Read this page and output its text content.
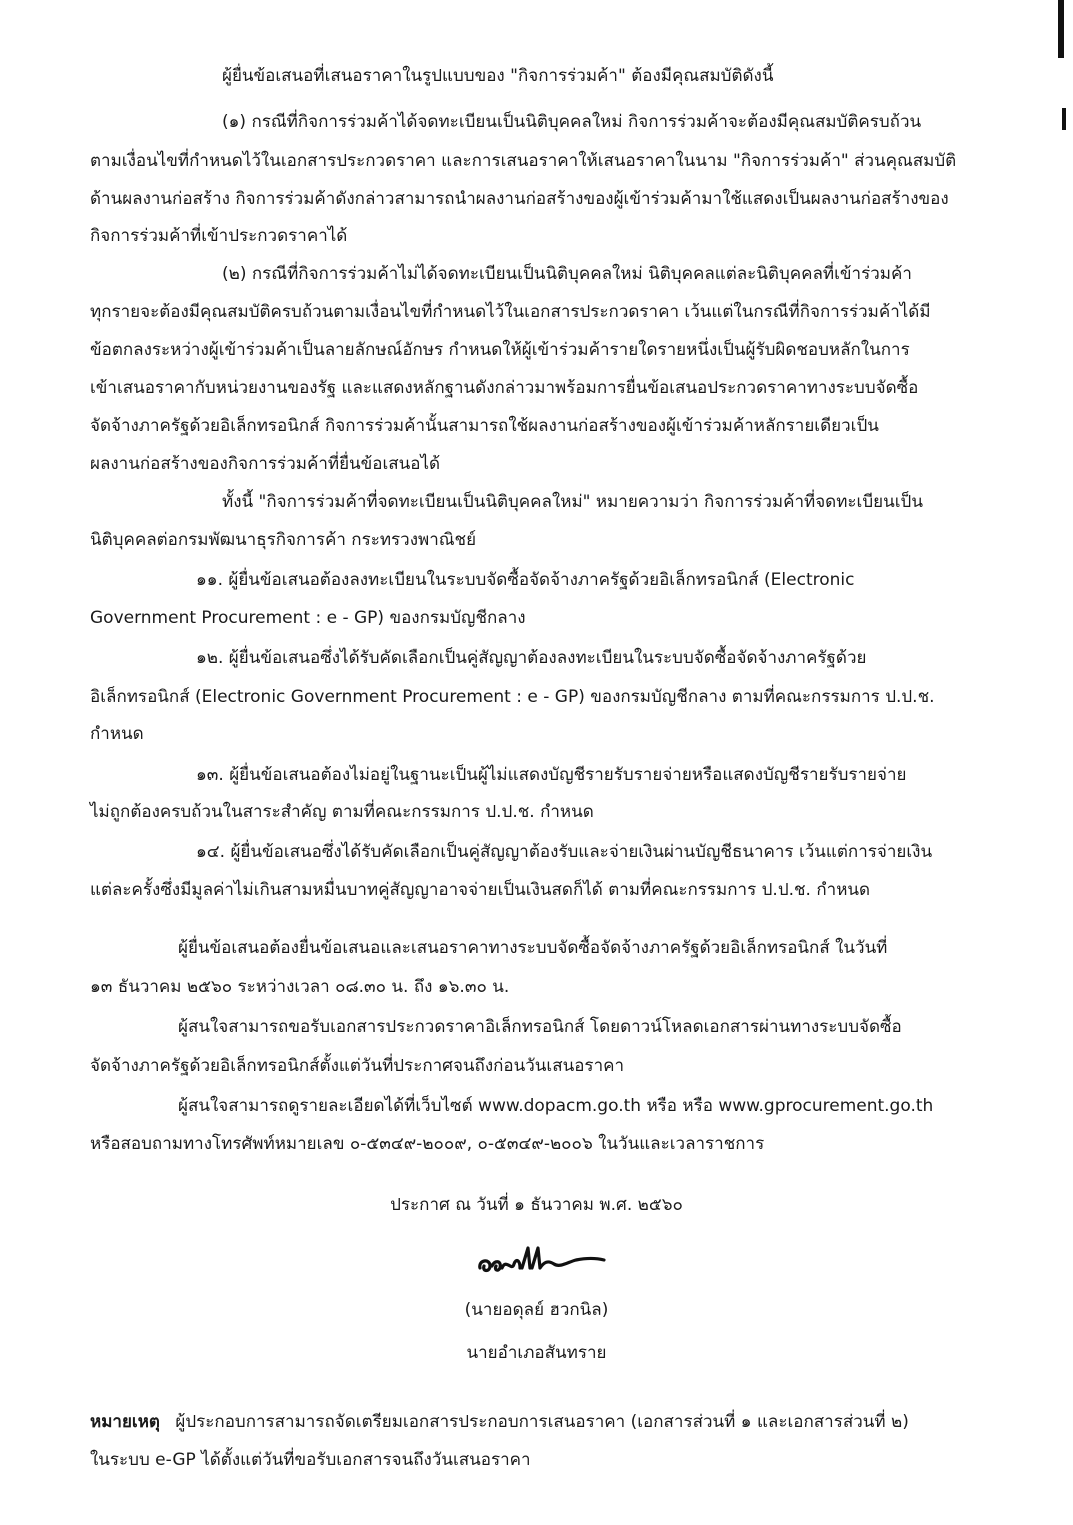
ผู้ยื่นข้อเสนอที่เสนอราคาในรูปแบบของ "กิจการร่วมค้า" ต้องมีคุณสมบัติดังนี้
(๑) กรณีที่กิจการร่วมค้าได้จดทะเบียนเป็นนิติบุคคลใหม่ กิจการร่วมค้าจะต้องมีคุณสมบัติครบถ้วน
ตามเงื่อนไขที่กำหนดไว้ในเอกสารประกวดราคา และการเสนอราคาให้เสนอราคาในนาม "กิจการร่วมค้า" ส่วนคุณสมบัติ
ด้านผลงานก่อสร้าง กิจการร่วมค้าดังกล่าวสามารถนำผลงานก่อสร้างของผู้เข้าร่วมค้ามาใช้แสดงเป็นผลงานก่อสร้างของ
กิจการร่วมค้าที่เข้าประกวดราคาได้
(๒) กรณีที่กิจการร่วมค้าไม่ได้จดทะเบียนเป็นนิติบุคคลใหม่ นิติบุคคลแต่ละนิติบุคคลที่เข้าร่วมค้า
ทุกรายจะต้องมีคุณสมบัติครบถ้วนตามเงื่อนไขที่กำหนดไว้ในเอกสารประกวดราคา เว้นแต่ในกรณีที่กิจการร่วมค้าได้มี
ข้อตกลงระหว่างผู้เข้าร่วมค้าเป็นลายลักษณ์อักษร กำหนดให้ผู้เข้าร่วมค้ารายใดรายหนึ่งเป็นผู้รับผิดชอบหลักในการ
เข้าเสนอราคากับหน่วยงานของรัฐ และแสดงหลักฐานดังกล่าวมาพร้อมการยื่นข้อเสนอประกวดราคาทางระบบจัดซื้อ
จัดจ้างภาครัฐด้วยอิเล็กทรอนิกส์ กิจการร่วมค้านั้นสามารถใช้ผลงานก่อสร้างของผู้เข้าร่วมค้าหลักรายเดียวเป็น
ผลงานก่อสร้างของกิจการร่วมค้าที่ยื่นข้อเสนอได้
ทั้งนี้ "กิจการร่วมค้าที่จดทะเบียนเป็นนิติบุคคลใหม่" หมายความว่า กิจการร่วมค้าที่จดทะเบียนเป็น
นิติบุคคลต่อกรมพัฒนาธุรกิจการค้า กระทรวงพาณิชย์
๑๑. ผู้ยื่นข้อเสนอต้องลงทะเบียนในระบบจัดซื้อจัดจ้างภาครัฐด้วยอิเล็กทรอนิกส์ (Electronic
Government Procurement : e - GP) ของกรมบัญชีกลาง
๑๒. ผู้ยื่นข้อเสนอซึ่งได้รับคัดเลือกเป็นคู่สัญญาต้องลงทะเบียนในระบบจัดซื้อจัดจ้างภาครัฐด้วย
อิเล็กทรอนิกส์ (Electronic Government Procurement : e - GP) ของกรมบัญชีกลาง ตามที่คณะกรรมการ ป.ป.ช.
กำหนด
๑๓. ผู้ยื่นข้อเสนอต้องไม่อยู่ในฐานะเป็นผู้ไม่แสดงบัญชีรายรับรายจ่ายหรือแสดงบัญชีรายรับรายจ่าย
ไม่ถูกต้องครบถ้วนในสาระสำคัญ ตามที่คณะกรรมการ ป.ป.ช. กำหนด
๑๔. ผู้ยื่นข้อเสนอซึ่งได้รับคัดเลือกเป็นคู่สัญญาต้องรับและจ่ายเงินผ่านบัญชีธนาคาร เว้นแต่การจ่ายเงิน
แต่ละครั้งซึ่งมีมูลค่าไม่เกินสามหมื่นบาทคู่สัญญาอาจจ่ายเป็นเงินสดก็ได้ ตามที่คณะกรรมการ ป.ป.ช. กำหนด
ผู้ยื่นข้อเสนอต้องยื่นข้อเสนอและเสนอราคาทางระบบจัดซื้อจัดจ้างภาครัฐด้วยอิเล็กทรอนิกส์ ในวันที่
๑๓ ธันวาคม ๒๕๖๐ ระหว่างเวลา ๐๘.๓๐ น. ถึง ๑๖.๓๐ น.
ผู้สนใจสามารถขอรับเอกสารประกวดราคาอิเล็กทรอนิกส์ โดยดาวน์โหลดเอกสารผ่านทางระบบจัดซื้อ
จัดจ้างภาครัฐด้วยอิเล็กทรอนิกส์ตั้งแต่วันที่ประกาศจนถึงก่อนวันเสนอราคา
ผู้สนใจสามารถดูรายละเอียดได้ที่เว็บไซต์ www.dopacm.go.th หรือ หรือ www.gprocurement.go.th
หรือสอบถามทางโทรศัพท์หมายเลข ๐-๕๓๔๙-๒๐๐๙, ๐-๕๓๔๙-๒๐๐๖ ในวันและเวลาราชการ
ประกาศ ณ วันที่ ๑ ธันวาคม พ.ศ. ๒๕๖๐
(นายอดุลย์ ฮวกนิล)
นายอำเภอสันทราย
หมายเหตุ ผู้ประกอบการสามารถจัดเตรียมเอกสารประกอบการเสนอราคา (เอกสารส่วนที่ ๑ และเอกสารส่วนที่ ๒)
ในระบบ e-GP ได้ตั้งแต่วันที่ขอรับเอกสารจนถึงวันเสนอราคา
